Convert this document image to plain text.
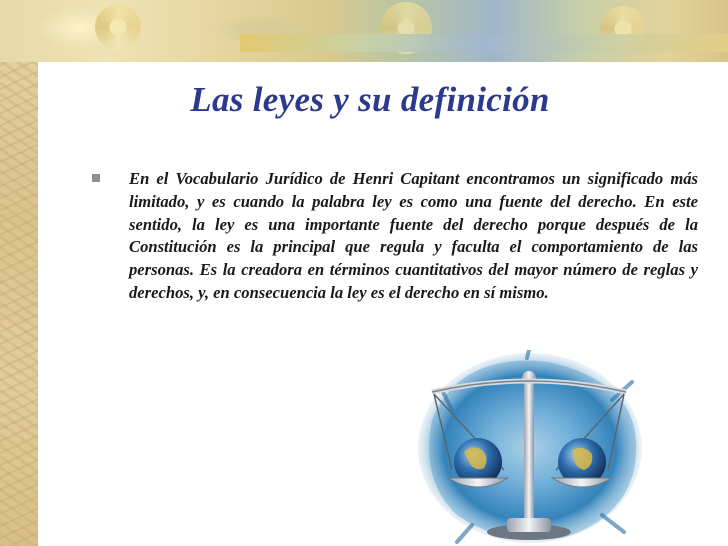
Las leyes y su definición

En el Vocabulario Jurídico de Henri Capitant encontramos un significado más limitado, y es cuando la palabra ley es como una fuente del derecho. En este sentido, la ley es una importante fuente del derecho porque después de la Constitución es la principal que regula y faculta el comportamiento de las personas. Es la creadora en términos cuantitativos del mayor número de reglas y derechos, y, en consecuencia la ley es el derecho en sí mismo.
